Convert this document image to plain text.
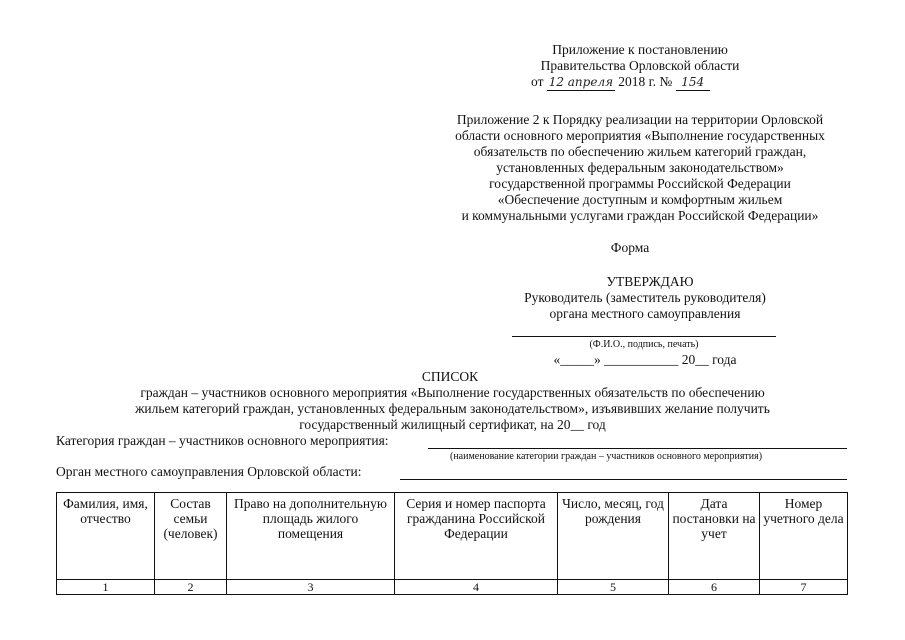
Приложение к постановлению
Правительства Орловской области
от 12 апреля 2018 г. № 154
Приложение 2 к Порядку реализации на территории Орловской
области основного мероприятия «Выполнение государственных
обязательств по обеспечению жильем категорий граждан,
установленных федеральным законодательством»
государственной программы Российской Федерации
«Обеспечение доступным и комфортным жильем
и коммунальными услугами граждан Российской Федерации»
Форма
УТВЕРЖДАЮ
Руководитель (заместитель руководителя)
органа местного самоуправления
(Ф.И.О., подпись, печать)
«_____» ___________ 20__ года
СПИСОК
граждан – участников основного мероприятия «Выполнение государственных обязательств по обеспечению
жильем категорий граждан, установленных федеральным законодательством», изъявивших желание получить
государственный жилищный сертификат, на 20__ год
Категория граждан – участников основного мероприятия:
(наименование категории граждан – участников основного мероприятия)
Орган местного самоуправления Орловской области:
Фамилия, имя, отчество	Состав семьи (человек)	Право на дополнительную площадь жилого помещения	Серия и номер паспорта гражданина Российской Федерации	Число, месяц, год рождения	Дата постановки на учет	Номер учетного дела
1	2	3	4	5	6	7
